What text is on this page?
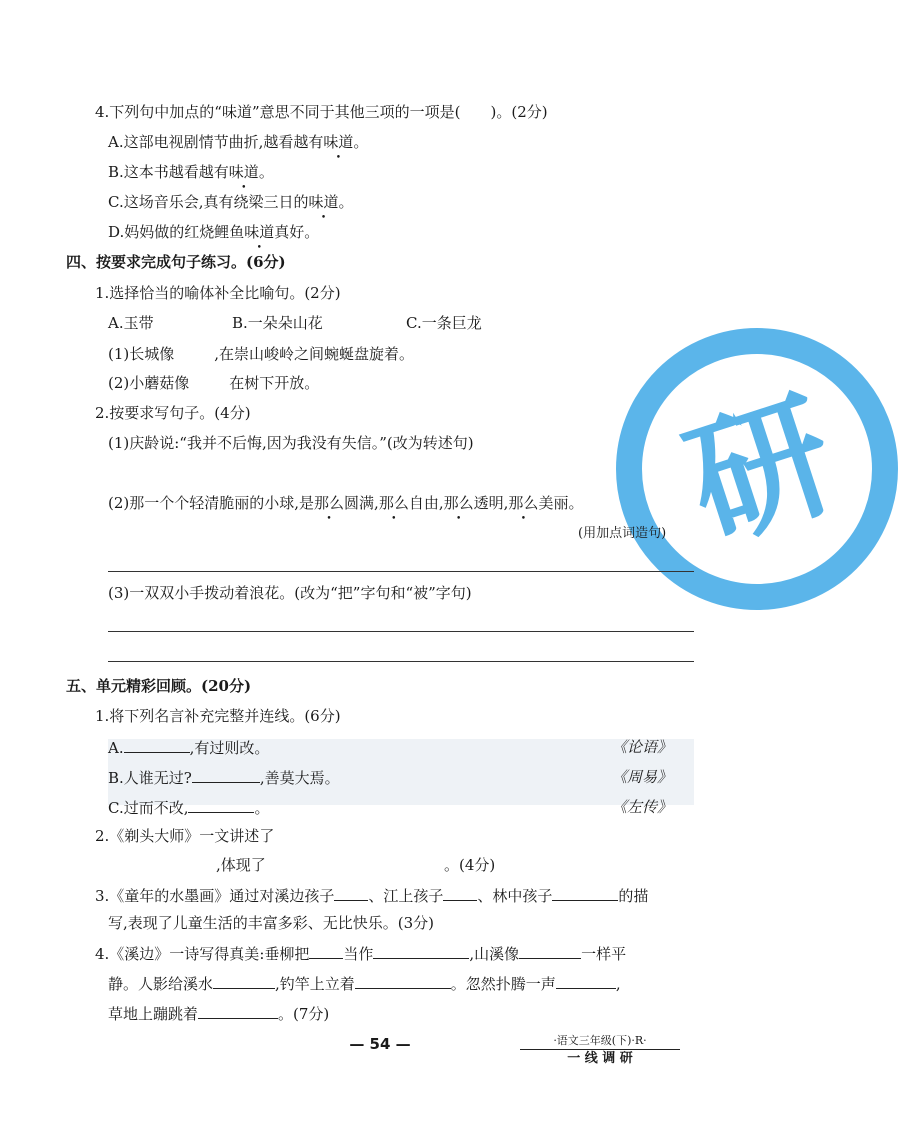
研
4.下列句中加点的“味道”意思不同于其他三项的一项是(　　)。(2分)
A.这部电视剧情节曲折,越看越有味道。
B.这本书越看越有味道。
C.这场音乐会,真有绕梁三日的味道。
D.妈妈做的红烧鲤鱼味道真好。
四、按要求完成句子练习。(6分)
1.选择恰当的喻体补全比喻句。(2分)
A.玉带	B.一朵朵山花	C.一条巨龙
(1)长城像	,在崇山峻岭之间蜿蜒盘旋着。
(2)小蘑菇像	在树下开放。
2.按要求写句子。(4分)
(1)庆龄说:“我并不后悔,因为我没有失信。”(改为转述句)
(2)那一个个轻清脆丽的小球,是那么圆满,那么自由,那么透明,那么美丽。
(用加点词造句)
(3)一双双小手拨动着浪花。(改为“把”字句和“被”字句)
五、单元精彩回顾。(20分)
1.将下列名言补充完整并连线。(6分)
A.	,有过则改。	《论语》
B.人谁无过?	,善莫大焉。	《周易》
C.过而不改,	。	《左传》
2.《剃头大师》一文讲述了
,体现了	。(4分)
3.《童年的水墨画》通过对溪边孩子 、江上孩子 、林中孩子	的描
写,表现了儿童生活的丰富多彩、无比快乐。(3分)
4.《溪边》一诗写得真美:垂柳把 当作	,山溪像	一样平
静。人影给溪水	,钓竿上立着	。忽然扑腾一声	,
草地上蹦跳着	。(7分)
— 54 —	·语文三年级(下)·R·
一 线 调 研
